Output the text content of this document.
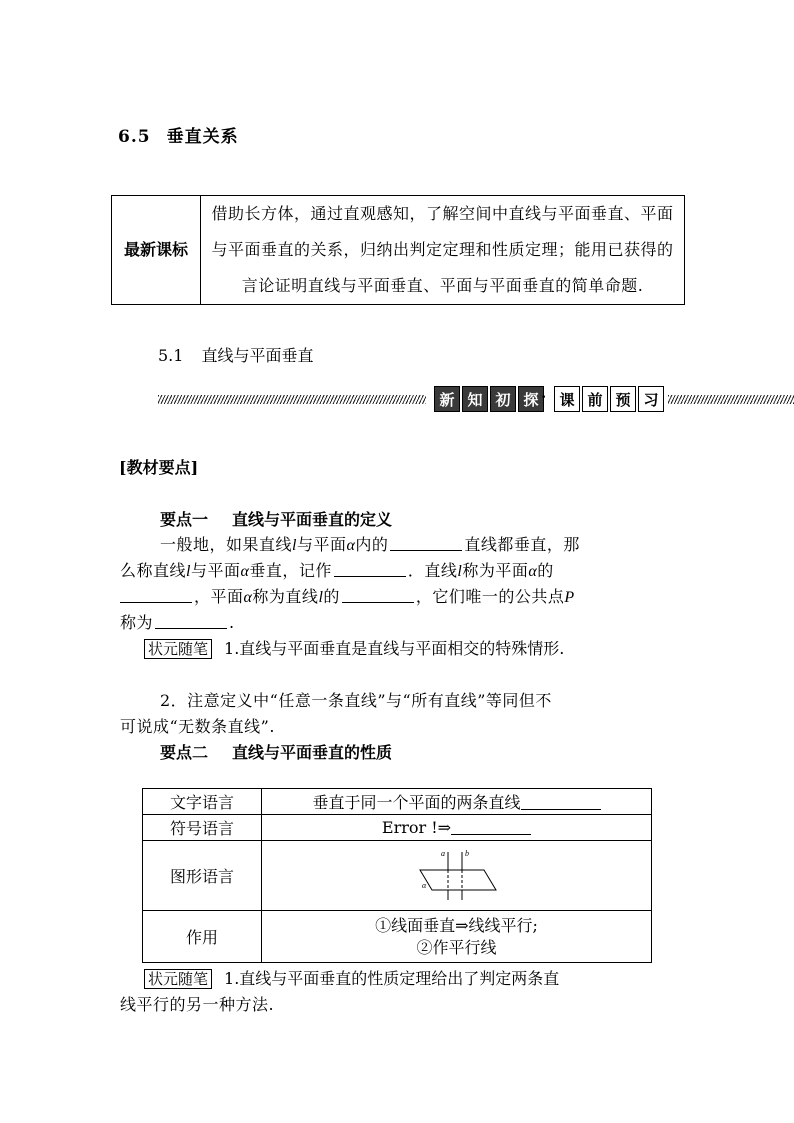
6.5 垂直关系
最新课标	借助长方体，通过直观感知，了解空间中直线与平面垂直、平面与平面垂直的关系，归纳出判定定理和性质定理；能用已获得的言论证明直线与平面垂直、平面与平面垂直的简单命题.
5.1 直线与平面垂直
新 知 初 探 · 课 前 预 习
[教材要点]
要点一 直线与平面垂直的定义
一般地，如果直线l与平面α内的	直线都垂直，那
么称直线l与平面α垂直，记作	．直线l称为平面α的
，平面α称为直线l的	，它们唯一的公共点P
称为	.
状元随笔 1.直线与平面垂直是直线与平面相交的特殊情形.
2．注意定义中“任意一条直线”与“所有直线”等同但不
可说成“无数条直线”.
要点二 直线与平面垂直的性质
文字语言	垂直于同一个平面的两条直线
符号语言	Error !⇒
图形语言	a b
α

作用	①线面垂直⇒线线平行;
②作平行线
状元随笔 1.直线与平面垂直的性质定理给出了判定两条直
线平行的另一种方法.
